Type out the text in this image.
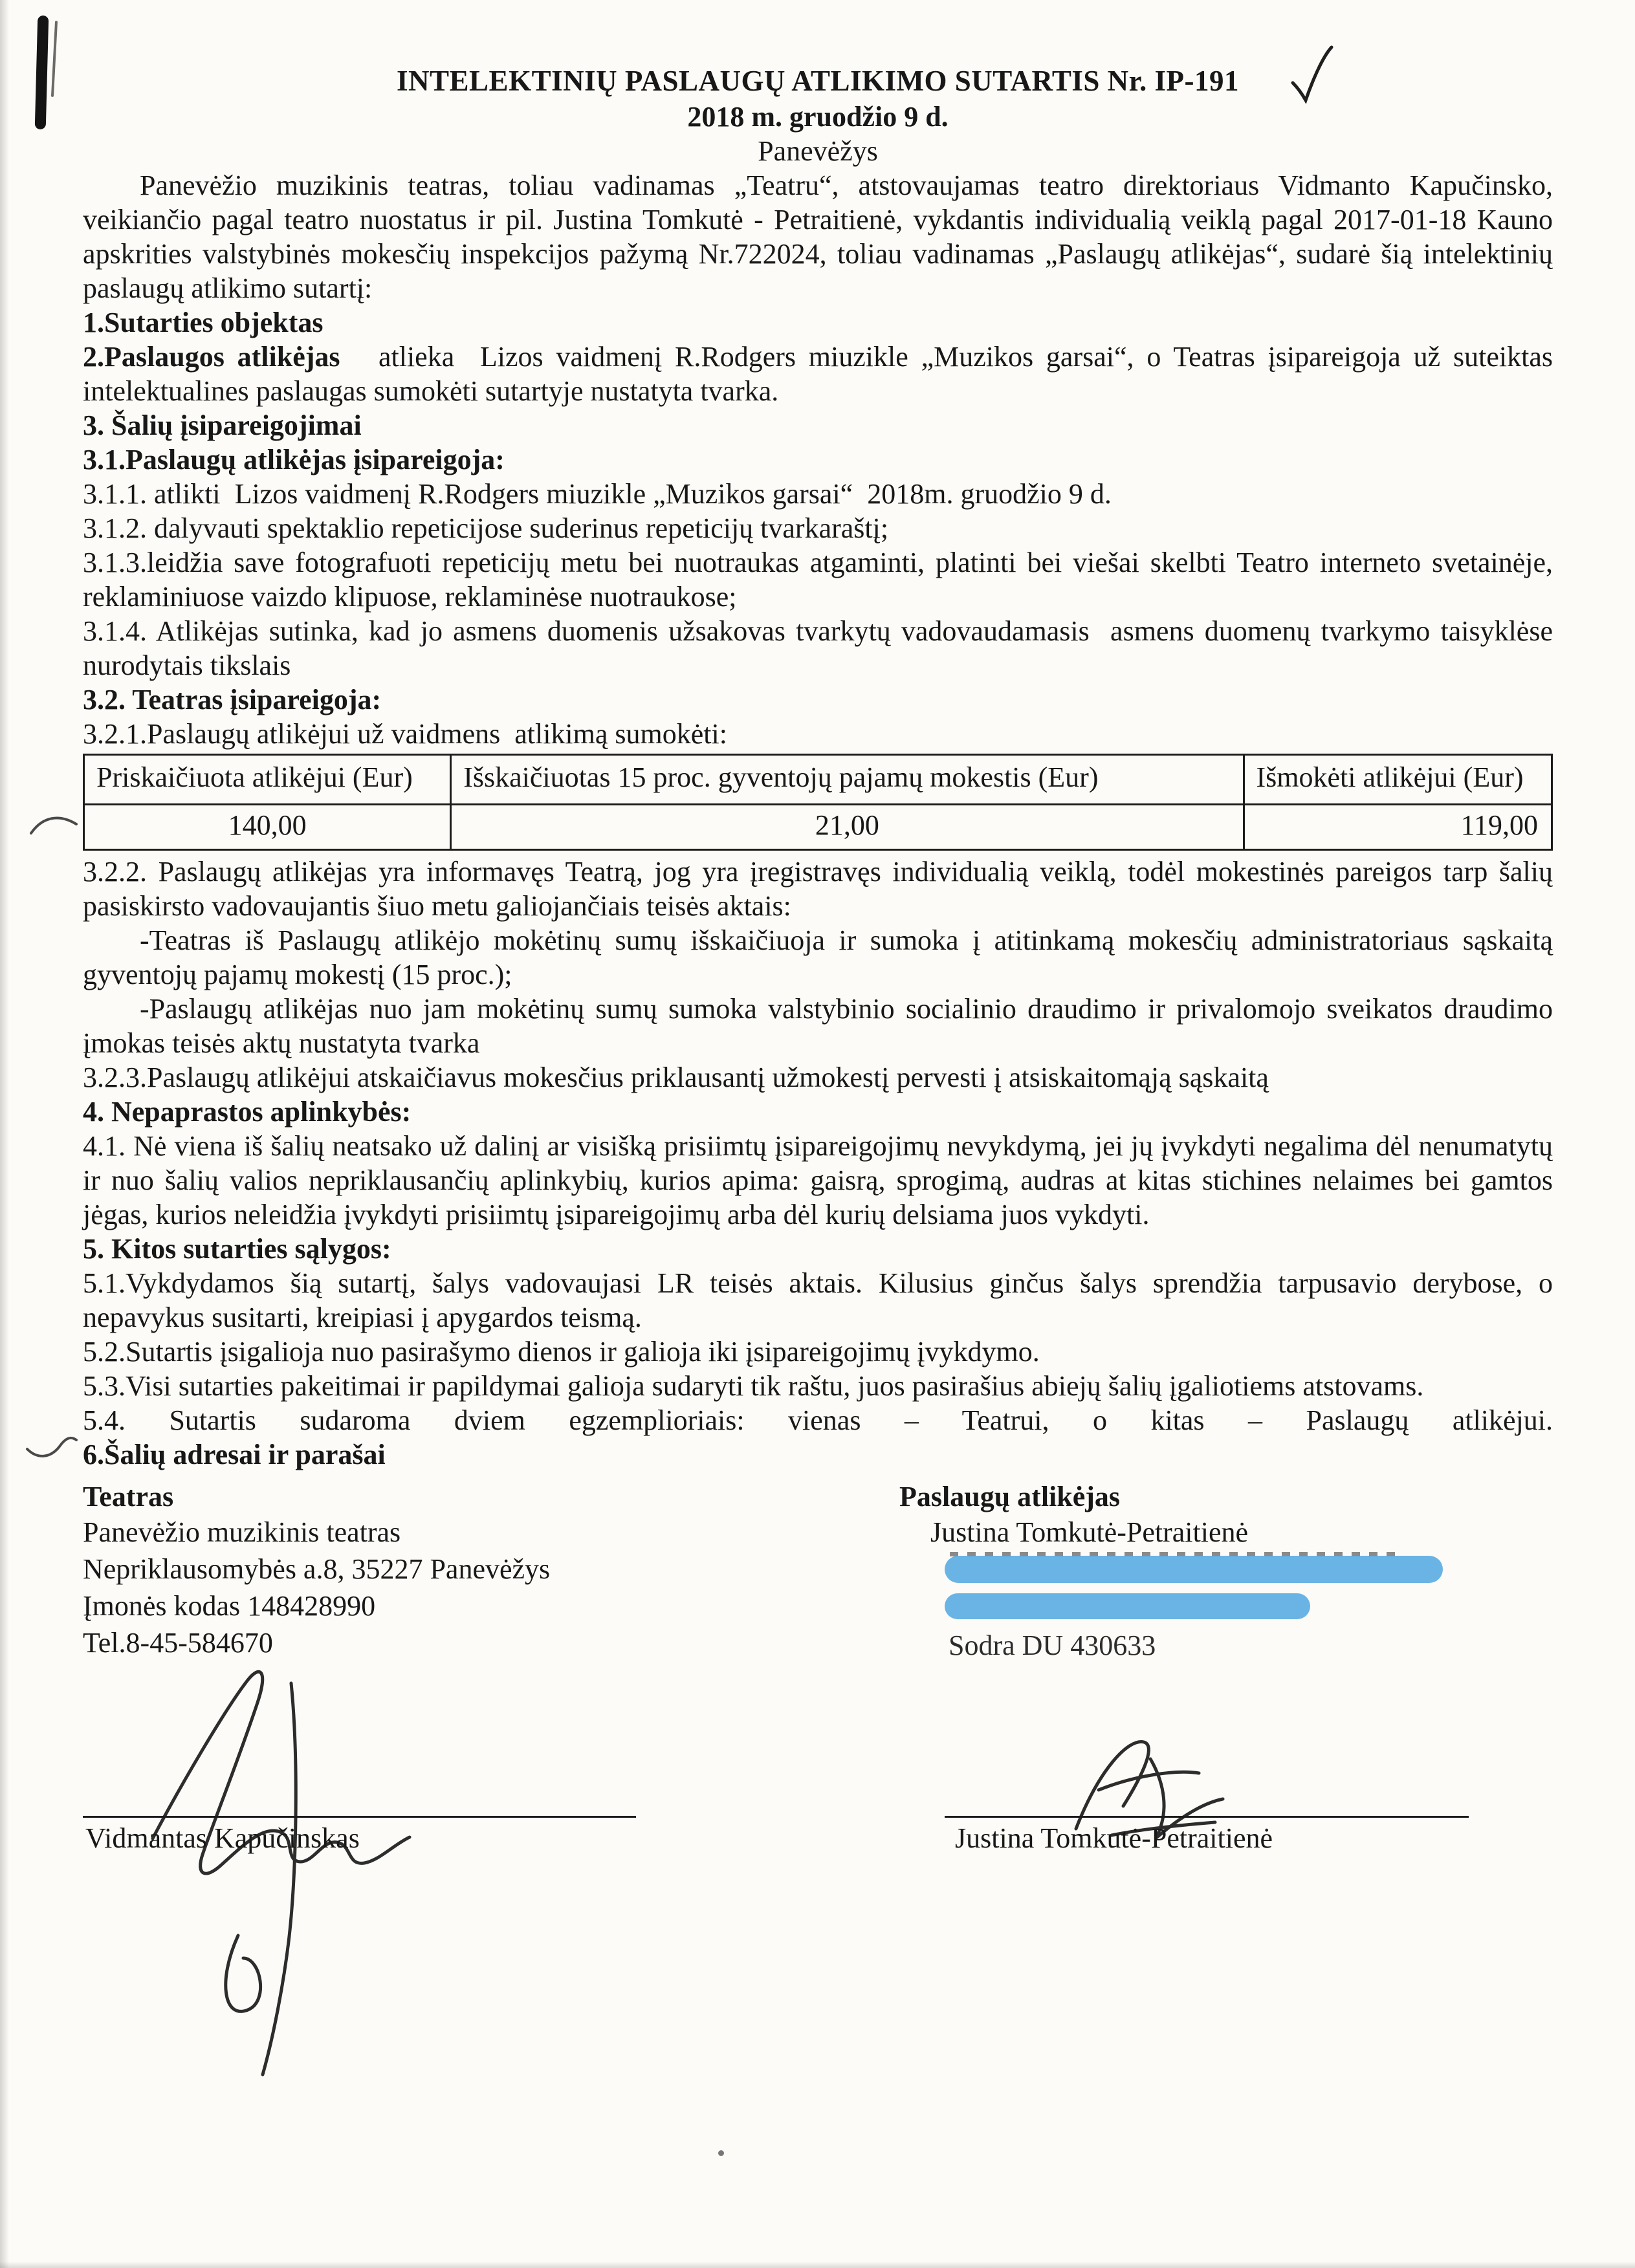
INTELEKTINIŲ PASLAUGŲ ATLIKIMO SUTARTIS Nr. IP-191
2018 m. gruodžio 9 d.
Panevėžys

Panevėžio muzikinis teatras, toliau vadinamas „Teatru“, atstovaujamas teatro direktoriaus Vidmanto Kapučinsko, veikiančio pagal teatro nuostatus ir pil. Justina Tomkutė - Petraitienė, vykdantis individualią veiklą pagal 2017-01-18 Kauno apskrities valstybinės mokesčių inspekcijos pažymą Nr.722024, toliau vadinamas „Paslaugų atlikėjas“, sudarė šią intelektinių paslaugų atlikimo sutartį:

1.Sutarties objektas

2.Paslaugos atlikėjas   atlieka  Lizos vaidmenį R.Rodgers miuzikle „Muzikos garsai“, o Teatras įsipareigoja už suteiktas intelektualines paslaugas sumokėti sutartyje nustatyta tvarka.

3. Šalių įsipareigojimai
3.1.Paslaugų atlikėjas įsipareigoja:

3.1.1. atlikti  Lizos vaidmenį R.Rodgers miuzikle „Muzikos garsai“  2018m. gruodžio 9 d.

3.1.2. dalyvauti spektaklio repeticijose suderinus repeticijų tvarkaraštį;

3.1.3.leidžia save fotografuoti repeticijų metu bei nuotraukas atgaminti, platinti bei viešai skelbti Teatro interneto svetainėje, reklaminiuose vaizdo klipuose, reklaminėse nuotraukose;

3.1.4. Atlikėjas sutinka, kad jo asmens duomenis užsakovas tvarkytų vadovaudamasis  asmens duomenų tvarkymo taisyklėse nurodytais tikslais

3.2. Teatras įsipareigoja:

3.2.1.Paslaugų atlikėjui už vaidmens  atlikimą sumokėti:

Priskaičiuota atlikėjui (Eur)	Išskaičiuotas 15 proc. gyventojų pajamų mokestis (Eur)	Išmokėti atlikėjui (Eur)
140,00	21,00	119,00

3.2.2. Paslaugų atlikėjas yra informavęs Teatrą, jog yra įregistravęs individualią veiklą, todėl mokestinės pareigos tarp šalių pasiskirsto vadovaujantis šiuo metu galiojančiais teisės aktais:

-Teatras iš Paslaugų atlikėjo mokėtinų sumų išskaičiuoja ir sumoka į atitinkamą mokesčių administratoriaus sąskaitą gyventojų pajamų mokestį (15 proc.);

-Paslaugų atlikėjas nuo jam mokėtinų sumų sumoka valstybinio socialinio draudimo ir privalomojo sveikatos draudimo įmokas teisės aktų nustatyta tvarka

3.2.3.Paslaugų atlikėjui atskaičiavus mokesčius priklausantį užmokestį pervesti į atsiskaitomąją sąskaitą

4. Nepaprastos aplinkybės:

4.1. Nė viena iš šalių neatsako už dalinį ar visišką prisiimtų įsipareigojimų nevykdymą, jei jų įvykdyti negalima dėl nenumatytų ir nuo šalių valios nepriklausančių aplinkybių, kurios apima: gaisrą, sprogimą, audras at kitas stichines nelaimes bei gamtos jėgas, kurios neleidžia įvykdyti prisiimtų įsipareigojimų arba dėl kurių delsiama juos vykdyti.

5. Kitos sutarties sąlygos:

5.1.Vykdydamos šią sutartį, šalys vadovaujasi LR teisės aktais. Kilusius ginčus šalys sprendžia tarpusavio derybose, o nepavykus susitarti, kreipiasi į apygardos teismą.

5.2.Sutartis įsigalioja nuo pasirašymo dienos ir galioja iki įsipareigojimų įvykdymo.

5.3.Visi sutarties pakeitimai ir papildymai galioja sudaryti tik raštu, juos pasirašius abiejų šalių įgaliotiems atstovams.

5.4. Sutartis sudaroma dviem egzemplioriais: vienas – Teatrui, o kitas – Paslaugų atlikėjui.

6.Šalių adresai ir parašai
Teatras
Panevėžio muzikinis teatras
Nepriklausomybės a.8, 35227 Panevėžys
Įmonės kodas 148428990
Tel.8-45-584670
Vidmantas Kapučinskas
Paslaugų atlikėjas
Justina Tomkutė-Petraitienė
Sodra DU 430633
Justina Tomkutė-Petraitienė
